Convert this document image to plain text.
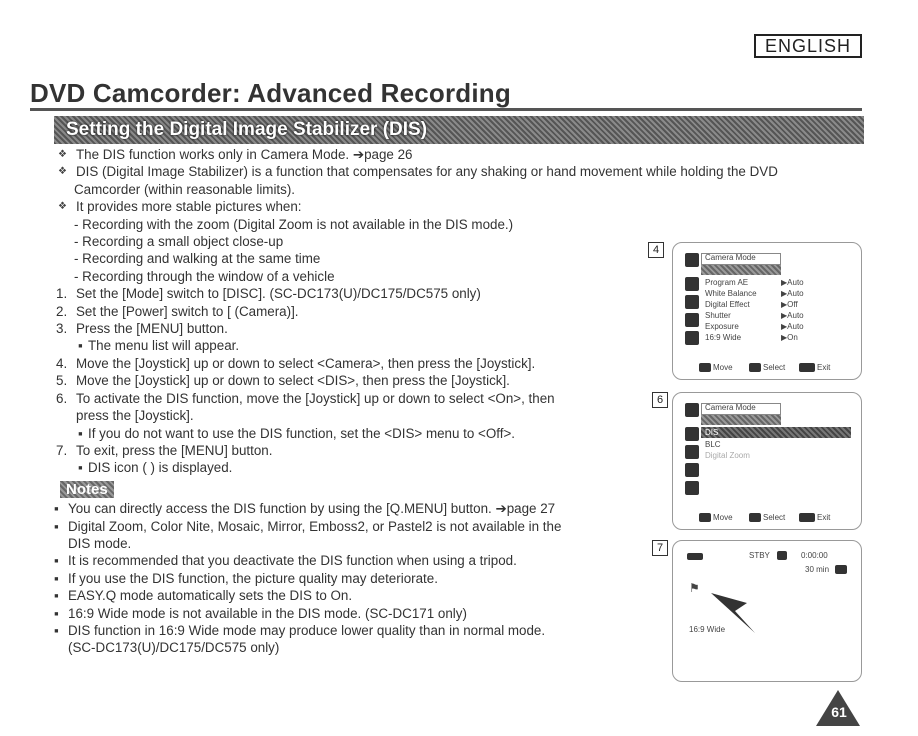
ENGLISH
DVD Camcorder: Advanced Recording
Setting the Digital Image Stabilizer (DIS)
❖ The DIS function works only in Camera Mode. ➔page 26
❖ DIS (Digital Image Stabilizer) is a function that compensates for any shaking or hand movement while holding the DVD
Camcorder (within reasonable limits).
❖ It provides more stable pictures when:
- Recording with the zoom (Digital Zoom is not available in the DIS mode.)
- Recording a small object close-up
- Recording and walking at the same time
- Recording through the window of a vehicle
1. Set the [Mode] switch to [DISC]. (SC-DC173(U)/DC175/DC575 only)
2. Set the [Power] switch to [ (Camera)].
3. Press the [MENU] button.
▪ The menu list will appear.
4. Move the [Joystick] up or down to select <Camera>, then press the [Joystick].
5. Move the [Joystick] up or down to select <DIS>, then press the [Joystick].
6. To activate the DIS function, move the [Joystick] up or down to select <On>, then
press the [Joystick].
▪ If you do not want to use the DIS function, set the <DIS> menu to <Off>.
7. To exit, press the [MENU] button.
▪ DIS icon ( ) is displayed.
Notes
▪ You can directly access the DIS function by using the [Q.MENU] button. ➔page 27
▪ Digital Zoom, Color Nite, Mosaic, Mirror, Emboss2, or Pastel2 is not available in the
DIS mode.
▪ It is recommended that you deactivate the DIS function when using a tripod.
▪ If you use the DIS function, the picture quality may deteriorate.
▪ EASY.Q mode automatically sets the DIS to On.
▪ 16:9 Wide mode is not available in the DIS mode. (SC-DC171 only)
▪ DIS function in 16:9 Wide mode may produce lower quality than in normal mode.
(SC-DC173(U)/DC175/DC575 only)
4
Camera Mode
Program AE	▶Auto
White Balance	▶Auto
Digital Effect	▶Off
Shutter	▶Auto
Exposure	▶Auto
16:9 Wide	▶On
Move	Select	Exit
6
Camera Mode
DIS
BLC
Digital Zoom
Move	Select	Exit
7
STBY	0:00:00
30 min
⚑
16:9 Wide
61
